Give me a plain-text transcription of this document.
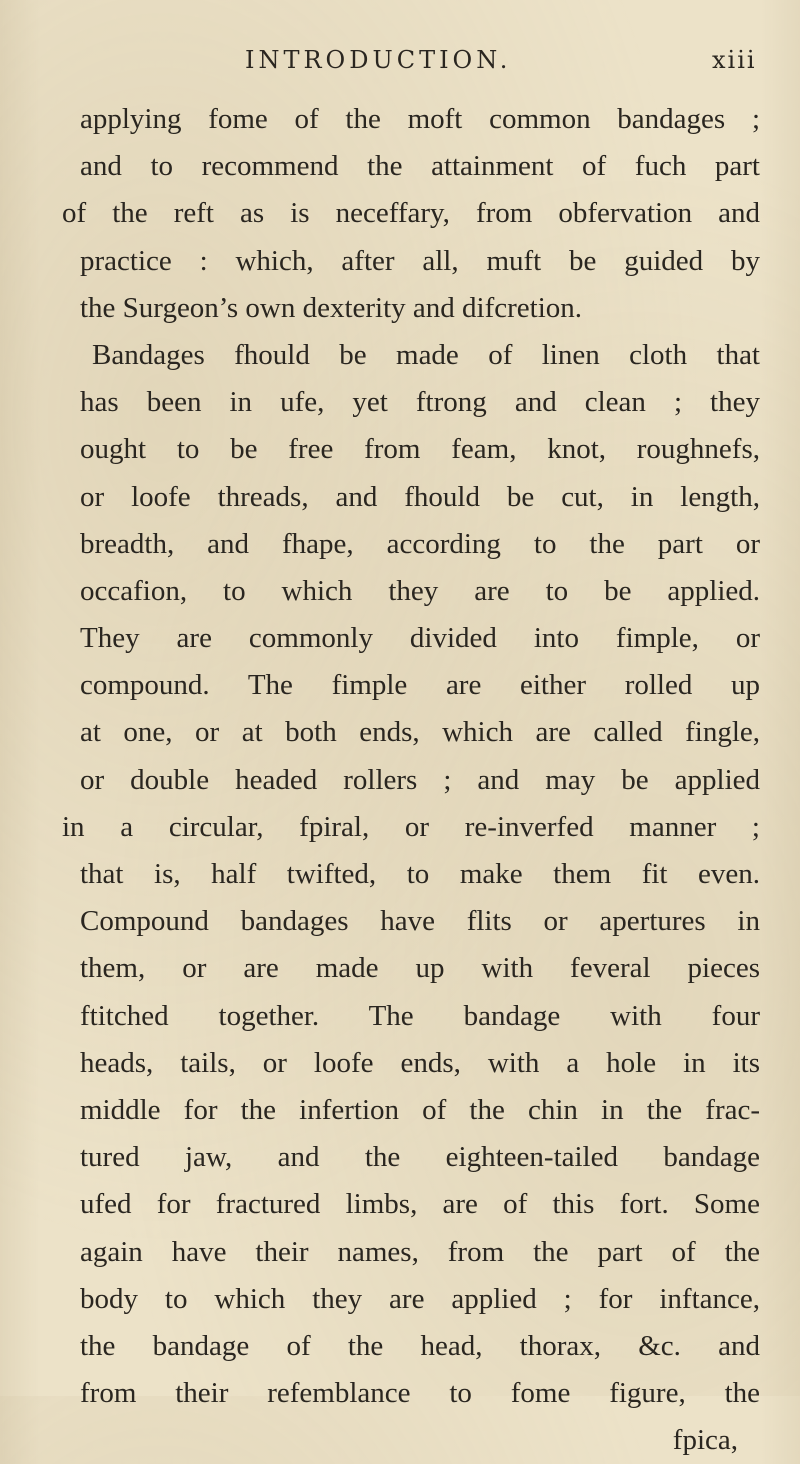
INTRODUCTION.	xiii
applying fome of the moft common bandages ;
and to recommend the attainment of fuch part
of the reft as is neceffary, from obfervation and
practice : which, after all, muft be guided by
the Surgeon’s own dexterity and difcretion.
Bandages fhould be made of linen cloth that
has been in ufe, yet ftrong and clean ; they
ought to be free from feam, knot, roughnefs,
or loofe threads, and fhould be cut, in length,
breadth, and fhape, according to the part or
occafion, to which they are to be applied.
They are commonly divided into fimple, or
compound. The fimple are either rolled up
at one, or at both ends, which are called fingle,
or double headed rollers ; and may be applied
in a circular, fpiral, or re-inverfed manner ;
that is, half twifted, to make them fit even.
Compound bandages have flits or apertures in
them, or are made up with feveral pieces
ftitched together. The bandage with four
heads, tails, or loofe ends, with a hole in its
middle for the infertion of the chin in the frac-
tured jaw, and the eighteen-tailed bandage
ufed for fractured limbs, are of this fort. Some
again have their names, from the part of the
body to which they are applied ; for inftance,
the bandage of the head, thorax, &c. and
from their refemblance to fome figure, the
fpica,
